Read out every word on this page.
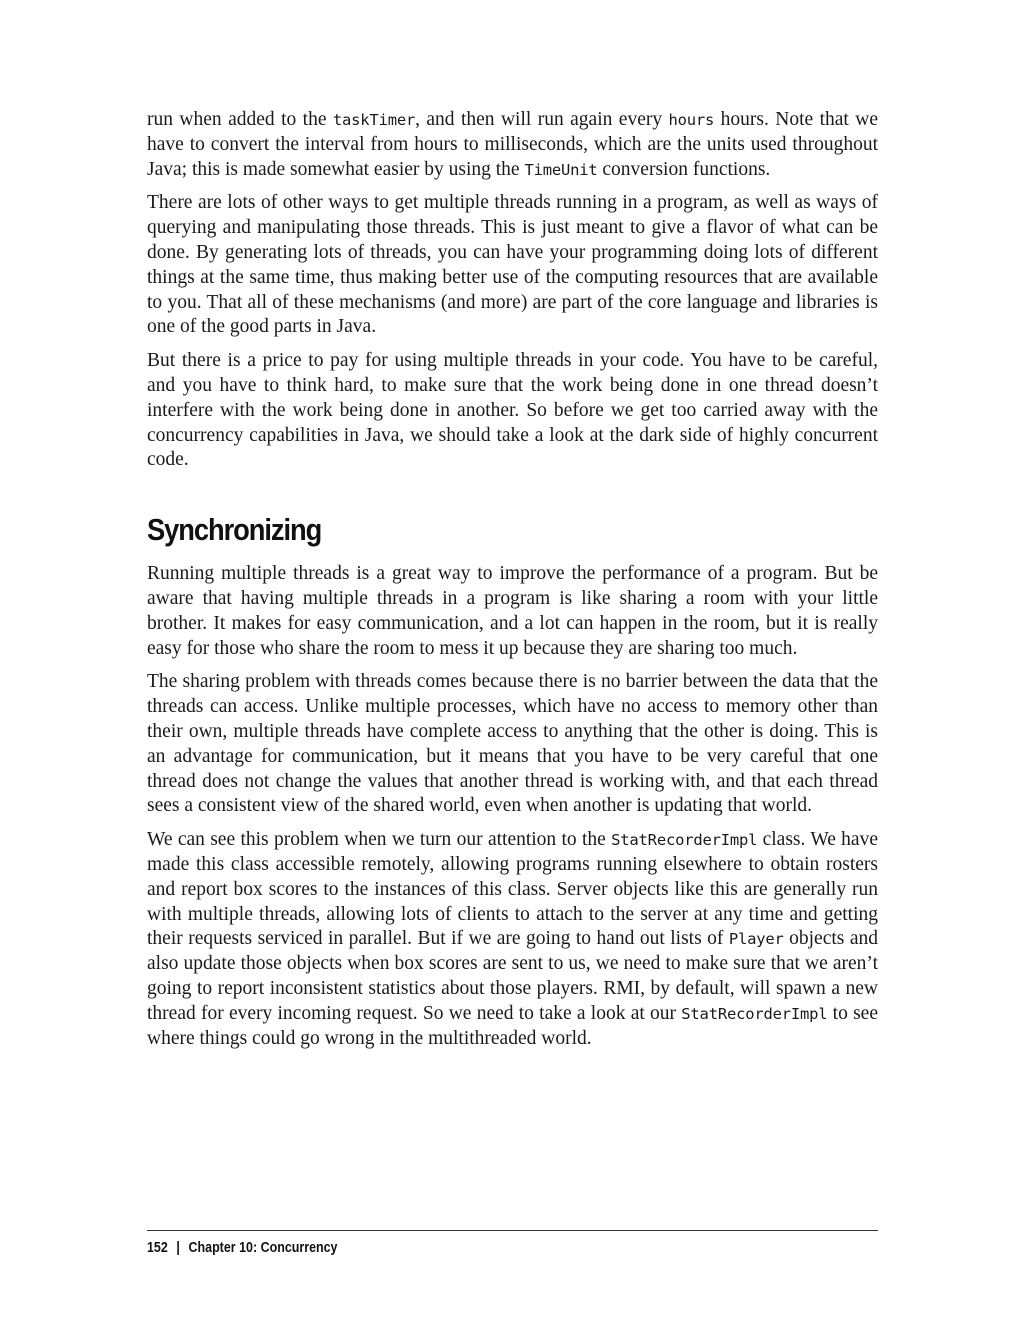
run when added to the taskTimer, and then will run again every hours hours. Note that we have to convert the interval from hours to milliseconds, which are the units used throughout Java; this is made somewhat easier by using the TimeUnit conversion functions.

There are lots of other ways to get multiple threads running in a program, as well as ways of querying and manipulating those threads. This is just meant to give a flavor of what can be done. By generating lots of threads, you can have your programming doing lots of different things at the same time, thus making better use of the computing resources that are available to you. That all of these mechanisms (and more) are part of the core language and libraries is one of the good parts in Java.

But there is a price to pay for using multiple threads in your code. You have to be careful, and you have to think hard, to make sure that the work being done in one thread doesn’t interfere with the work being done in another. So before we get too carried away with the concurrency capabilities in Java, we should take a look at the dark side of highly concurrent code.

Synchronizing

Running multiple threads is a great way to improve the performance of a program. But be aware that having multiple threads in a program is like sharing a room with your little brother. It makes for easy communication, and a lot can happen in the room, but it is really easy for those who share the room to mess it up because they are sharing too much.

The sharing problem with threads comes because there is no barrier between the data that the threads can access. Unlike multiple processes, which have no access to memory other than their own, multiple threads have complete access to anything that the other is doing. This is an advantage for communication, but it means that you have to be very careful that one thread does not change the values that another thread is working with, and that each thread sees a consistent view of the shared world, even when another is updating that world.

We can see this problem when we turn our attention to the StatRecorderImpl class. We have made this class accessible remotely, allowing programs running elsewhere to obtain rosters and report box scores to the instances of this class. Server objects like this are generally run with multiple threads, allowing lots of clients to attach to the server at any time and getting their requests serviced in parallel. But if we are going to hand out lists of Player objects and also update those objects when box scores are sent to us, we need to make sure that we aren’t going to report inconsistent statistics about those players. RMI, by default, will spawn a new thread for every incoming request. So we need to take a look at our StatRecorderImpl to see where things could go wrong in the multithreaded world.

152 | Chapter 10: Concurrency
